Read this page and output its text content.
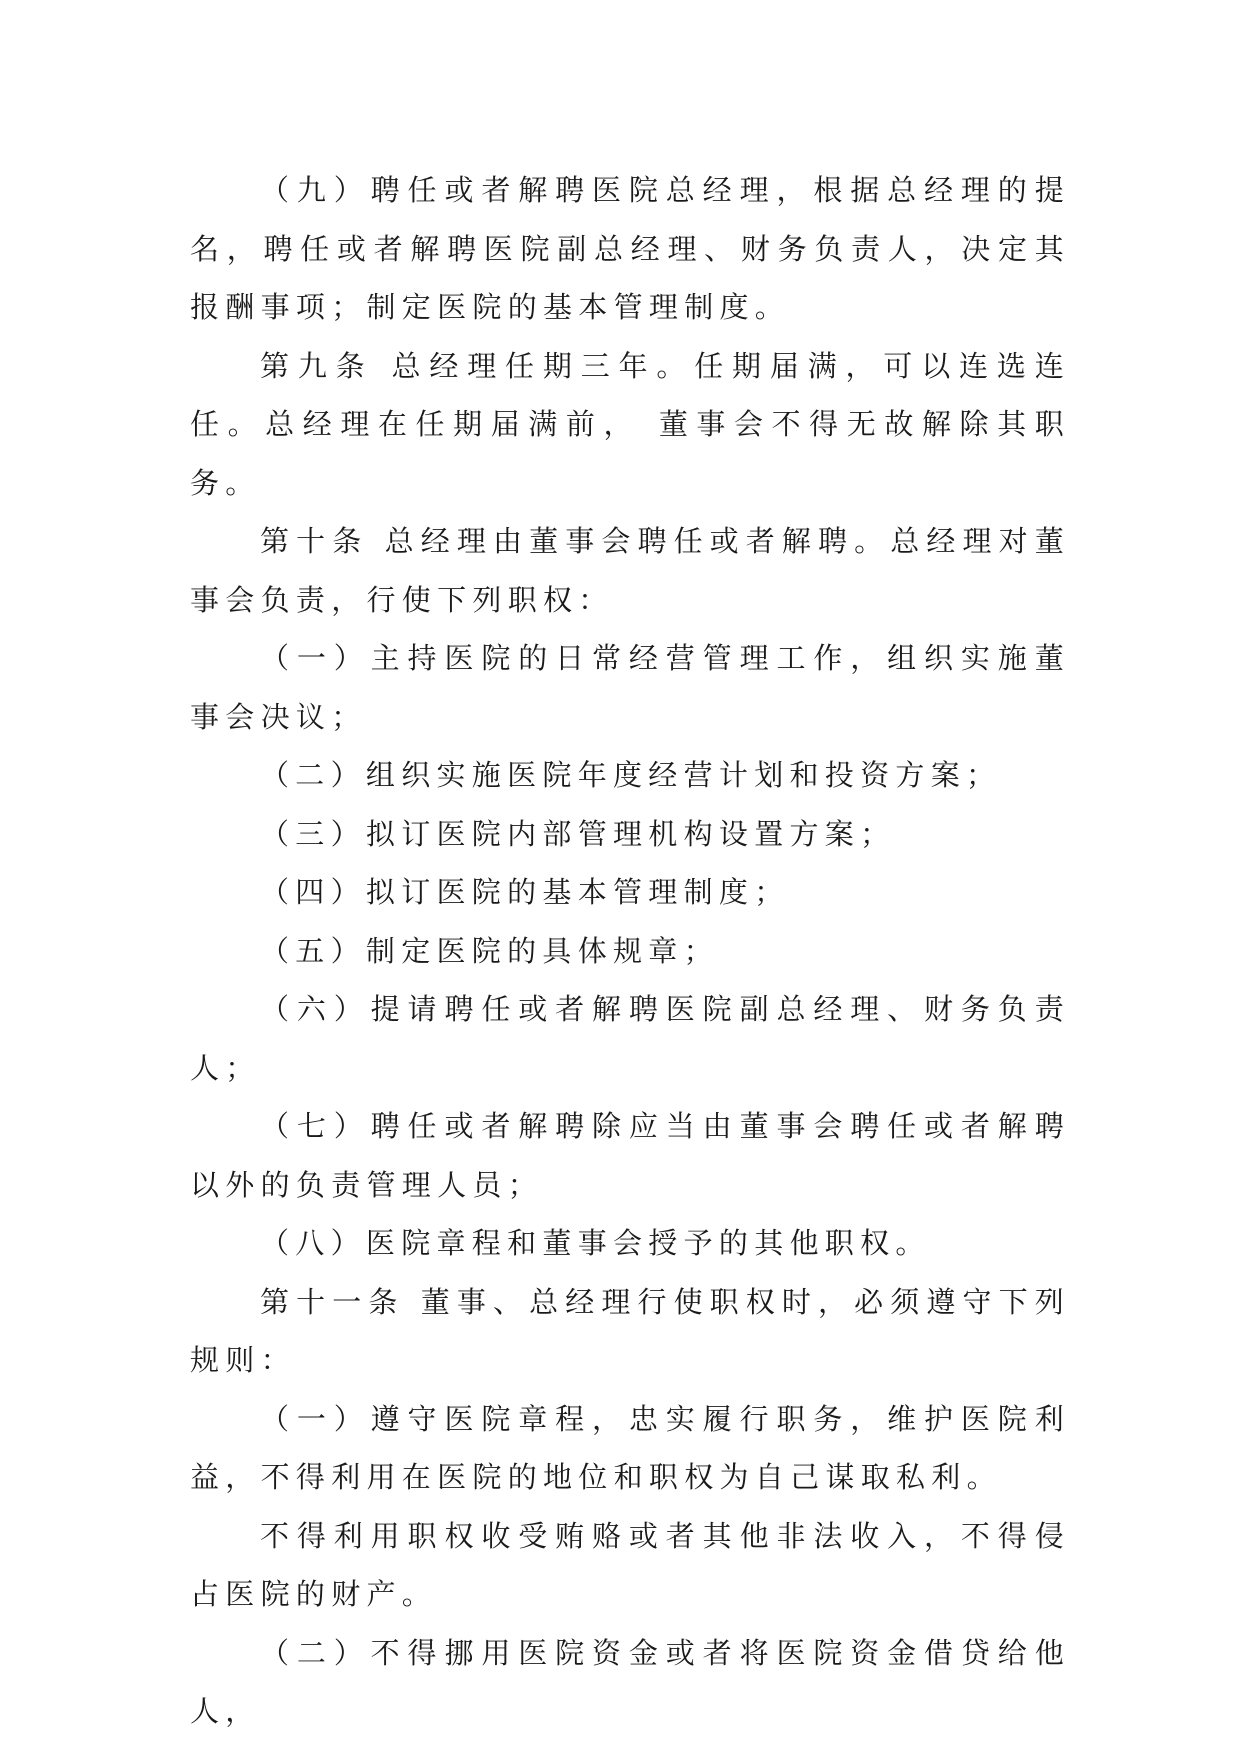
（九）聘任或者解聘医院总经理，根据总经理的提名，聘任或者解聘医院副总经理、财务负责人，决定其报酬事项；制定医院的基本管理制度。

第九条 总经理任期三年。任期届满，可以连选连任。总经理在任期届满前， 董事会不得无故解除其职务。

第十条 总经理由董事会聘任或者解聘。总经理对董事会负责，行使下列职权：

（一）主持医院的日常经营管理工作，组织实施董事会决议；

（二）组织实施医院年度经营计划和投资方案；

（三）拟订医院内部管理机构设置方案；

（四）拟订医院的基本管理制度；

（五）制定医院的具体规章；

（六）提请聘任或者解聘医院副总经理、财务负责人；

（七）聘任或者解聘除应当由董事会聘任或者解聘以外的负责管理人员；

（八）医院章程和董事会授予的其他职权。

第十一条 董事、总经理行使职权时，必须遵守下列规则：

（一）遵守医院章程，忠实履行职务，维护医院利益，不得利用在医院的地位和职权为自己谋取私利。

不得利用职权收受贿赂或者其他非法收入，不得侵占医院的财产。

（二）不得挪用医院资金或者将医院资金借贷给他人，
